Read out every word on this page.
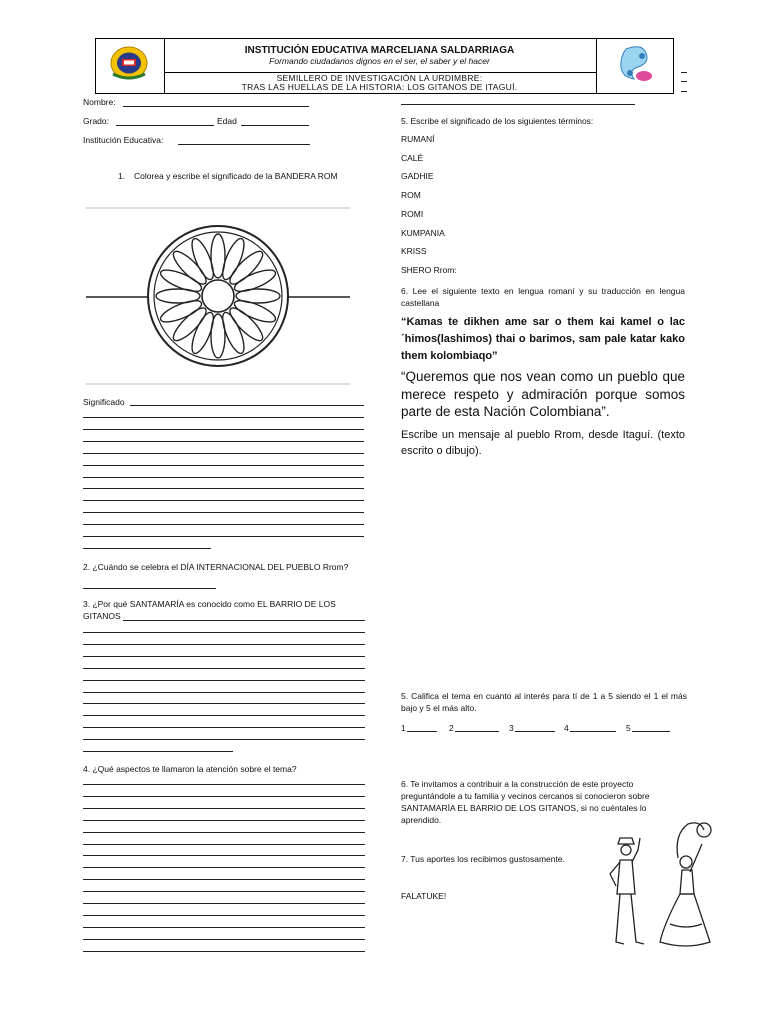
INSTITUCIÓN EDUCATIVA MARCELIANA SALDARRIAGA
Formando ciudadanos dignos en el ser, el saber y el hacer
SEMILLERO DE INVESTIGACIÓN LA URDIMBRE:
TRAS LAS HUELLAS DE LA HISTORIA: LOS GITANOS DE ITAGUÍ.
Nombre:
Grado:	Edad
Institución Educativa:
1. Colorea y escribe el significado de la BANDERA ROM
Significado
2. ¿Cuándo se celebra el DÍA INTERNACIONAL DEL PUEBLO Rrom?
3. ¿Por qué SANTAMARÍA es conocido como EL BARRIO DE LOS
GITANOS
4. ¿Qué aspectos te llamaron la atención sobre el tema?
5. Escribe el significado de los siguientes términos:
RUMANÍ
CALÉ
GADHIE
ROM
ROMI
KUMPANIA
KRISS
SHERO Rrom:
6. Lee el siguiente texto en lengua romaní y su traducción en lengua castellana
“Kamas te dikhen ame sar o them kai kamel o lac ´himos(lashimos) thai o barimos, sam pale katar kako them kolombiaqo”
“Queremos que nos vean como un pueblo que merece respeto y admiración porque somos parte de esta Nación Colombiana”.
Escribe un mensaje al pueblo Rrom, desde Itaguí. (texto escrito o dibujo).
5. Califica el tema en cuanto al interés para tí de 1 a 5 siendo el 1 el más bajo y 5 el más alto.
1	2	3	4	5
6. Te invitamos a contribuir a la construcción de este proyecto preguntándole a tu familia y vecinos cercanos si conocieron sobre SANTAMARÍA EL BARRIO DE LOS GITANOS, si no cuéntales lo aprendido.
7. Tus aportes los recibimos gustosamente.
FALATUKE!
